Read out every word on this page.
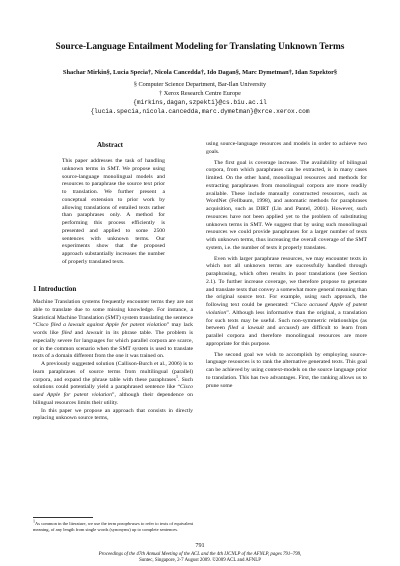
Source-Language Entailment Modeling for Translating Unknown Terms
Shachar Mirkin§, Lucia Specia†, Nicola Cancedda†, Ido Dagan§, Marc Dymetman†, Idan Szpektor§
§ Computer Science Department, Bar-Ilan University
† Xerox Research Centre Europe
{mirkins,dagan,szpekti}@cs.biu.ac.il
{lucia.specia,nicola.cancedda,marc.dymetman}@xrce.xerox.com
Abstract
This paper addresses the task of handling unknown terms in SMT. We propose using source-language monolingual models and resources to paraphrase the source text prior to translation. We further present a conceptual extension to prior work by allowing translations of entailed texts rather than paraphrases only. A method for performing this process efficiently is presented and applied to some 2500 sentences with unknown terms. Our experiments show that the proposed approach substantially increases the number of properly translated texts.
1 Introduction

Machine Translation systems frequently encounter terms they are not able to translate due to some missing knowledge. For instance, a Statistical Machine Translation (SMT) system translating the sentence “Cisco filed a lawsuit against Apple for patent violation” may lack words like filed and lawsuit in its phrase table. The problem is especially severe for languages for which parallel corpora are scarce, or in the common scenario when the SMT system is used to translate texts of a domain different from the one it was trained on.

A previously suggested solution (Callison-Burch et al., 2006) is to learn paraphrases of source terms from multilingual (parallel) corpora, and expand the phrase table with these paraphrases$^1$. Such solutions could potentially yield a paraphrased sentence like “Cisco sued Apple for patent violation”, although their dependence on bilingual resources limits their utility.

In this paper we propose an approach that consists in directly replacing unknown source terms,

$^1$As common in the literature, we use the term paraphrases to refer to texts of equivalent meaning, of any length from single words (synonyms) up to complete sentences.

using source-language resources and models in order to achieve two goals.

The first goal is coverage increase. The availability of bilingual corpora, from which paraphrases can be extracted, is in many cases limited. On the other hand, monolingual resources and methods for extracting paraphrases from monolingual corpora are more readily available. These include manually constructed resources, such as WordNet (Fellbaum, 1998), and automatic methods for paraphrases acquisition, such as DIRT (Lin and Pantel, 2001). However, such resources have not been applied yet to the problem of substituting unknown terms in SMT. We suggest that by using such monolingual resources we could provide paraphrases for a larger number of texts with unknown terms, thus increasing the overall coverage of the SMT system, i.e. the number of texts it properly translates.

Even with larger paraphrase resources, we may encounter texts in which not all unknown terms are successfully handled through paraphrasing, which often results in poor translations (see Section 2.1). To further increase coverage, we therefore propose to generate and translate texts that convey a somewhat more general meaning than the original source text. For example, using such approach, the following text could be generated: “Cisco accused Apple of patent violation”. Although less informative than the original, a translation for such texts may be useful. Such non-symmetric relationships (as between filed a lawsuit and accused) are difficult to learn from parallel corpora and therefore monolingual resources are more appropriate for this purpose.

The second goal we wish to accomplish by employing source-language resources is to rank the alternative generated texts. This goal can be achieved by using context-models on the source language prior to translation. This has two advantages. First, the ranking allows us to prune some

791
Proceedings of the 47th Annual Meeting of the ACL and the 4th IJCNLP of the AFNLP, pages 791–799,
Suntec, Singapore, 2-7 August 2009. ©2009 ACL and AFNLP
